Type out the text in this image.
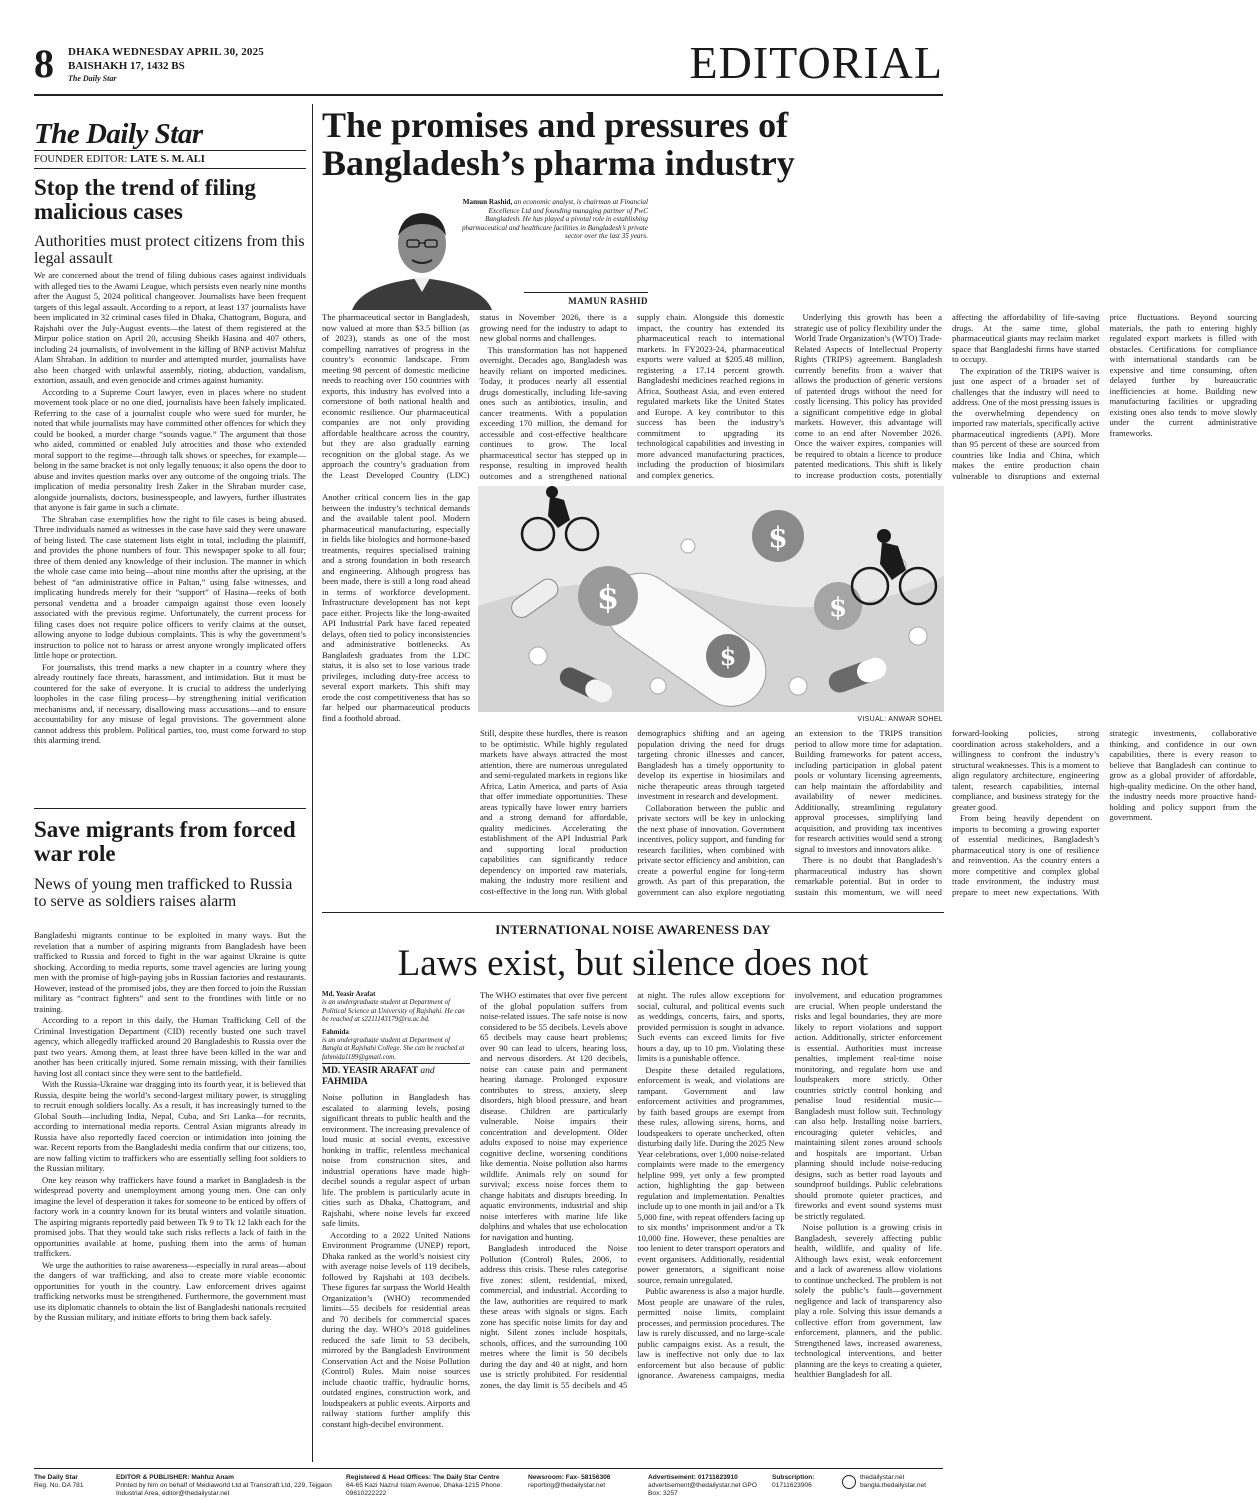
8 DHAKA WEDNESDAY APRIL 30, 2025
BAISHAKH 17, 1432 BS
The Daily Star	EDITORIAL
The Daily Star
FOUNDER EDITOR: LATE S. M. ALI
Stop the trend of filing malicious cases
Authorities must protect citizens from this legal assault

We are concerned about the trend of filing dubious cases against individuals with alleged ties to the Awami League, which persists even nearly nine months after the August 5, 2024 political changeover. Journalists have been frequent targets of this legal assault. According to a report, at least 137 journalists have been implicated in 32 criminal cases filed in Dhaka, Chattogram, Bogura, and Rajshahi over the July-August events—the latest of them registered at the Mirpur police station on April 20, accusing Sheikh Hasina and 407 others, including 24 journalists, of involvement in the killing of BNP activist Mahfuz Alam Shraban. In addition to murder and attempted murder, journalists have also been charged with unlawful assembly, rioting, abduction, vandalism, extortion, assault, and even genocide and crimes against humanity.

According to a Supreme Court lawyer, even in places where no student movement took place or no one died, journalists have been falsely implicated. Referring to the case of a journalist couple who were sued for murder, he noted that while journalists may have committed other offences for which they could be booked, a murder charge “sounds vague.” The argument that those who aided, committed or enabled July atrocities and those who extended moral support to the regime—through talk shows or speeches, for example—belong in the same bracket is not only legally tenuous; it also opens the door to abuse and invites question marks over any outcome of the ongoing trials. The implication of media personality Iresh Zaker in the Shraban murder case, alongside journalists, doctors, businesspeople, and lawyers, further illustrates that anyone is fair game in such a climate.

The Shraban case exemplifies how the right to file cases is being abused. Three individuals named as witnesses in the case have said they were unaware of being listed. The case statement lists eight in total, including the plaintiff, and provides the phone numbers of four. This newspaper spoke to all four; three of them denied any knowledge of their inclusion. The manner in which the whole case came into being—about nine months after the uprising, at the behest of “an administrative office in Paltan,” using false witnesses, and implicating hundreds merely for their “support” of Hasina—reeks of both personal vendetta and a broader campaign against those even loosely associated with the previous regime. Unfortunately, the current process for filing cases does not require police officers to verify claims at the outset, allowing anyone to lodge dubious complaints. This is why the government’s instruction to police not to harass or arrest anyone wrongly implicated offers little hope or protection.

For journalists, this trend marks a new chapter in a country where they already routinely face threats, harassment, and intimidation. But it must be countered for the sake of everyone. It is crucial to address the underlying loopholes in the case filing process—by strengthening initial verification mechanisms and, if necessary, disallowing mass accusations—and to ensure accountability for any misuse of legal provisions. The government alone cannot address this problem. Political parties, too, must come forward to stop this alarming trend.

Save migrants from forced war role
News of young men trafficked to Russia to serve as soldiers raises alarm

Bangladeshi migrants continue to be exploited in many ways. But the revelation that a number of aspiring migrants from Bangladesh have been trafficked to Russia and forced to fight in the war against Ukraine is quite shocking. According to media reports, some travel agencies are luring young men with the promise of high-paying jobs in Russian factories and restaurants. However, instead of the promised jobs, they are then forced to join the Russian military as “contract fighters” and sent to the frontlines with little or no training.

According to a report in this daily, the Human Trafficking Cell of the Criminal Investigation Department (CID) recently busted one such travel agency, which allegedly trafficked around 20 Bangladeshis to Russia over the past two years. Among them, at least three have been killed in the war and another has been critically injured. Some remain missing, with their families having lost all contact since they were sent to the battlefield.

With the Russia-Ukraine war dragging into its fourth year, it is believed that Russia, despite being the world’s second-largest military power, is struggling to recruit enough soldiers locally. As a result, it has increasingly turned to the Global South—including India, Nepal, Cuba, and Sri Lanka—for recruits, according to international media reports. Central Asian migrants already in Russia have also reportedly faced coercion or intimidation into joining the war. Recent reports from the Bangladeshi media confirm that our citizens, too, are now falling victim to traffickers who are essentially selling foot soldiers to the Russian military.

One key reason why traffickers have found a market in Bangladesh is the widespread poverty and unemployment among young men. One can only imagine the level of desperation it takes for someone to be enticed by offers of factory work in a country known for its brutal winters and volatile situation. The aspiring migrants reportedly paid between Tk 9 to Tk 12 lakh each for the promised jobs. That they would take such risks reflects a lack of faith in the opportunities available at home, pushing them into the arms of human traffickers.

We urge the authorities to raise awareness—especially in rural areas—about the dangers of war trafficking, and also to create more viable economic opportunities for youth in the country. Law enforcement drives against trafficking networks must be strengthened. Furthermore, the government must use its diplomatic channels to obtain the list of Bangladeshi nationals recruited by the Russian military, and initiate efforts to bring them back safely.

The promises and pressures of Bangladesh’s pharma industry
Mamun Rashid, an economic analyst, is chairman at Financial Excellence Ltd and founding managing partner of PwC Bangladesh. He has played a pivotal role in establishing pharmaceutical and healthcare facilities in Bangladesh’s private sector over the last 35 years.
MAMUN RASHID

The pharmaceutical sector in Bangladesh, now valued at more than $3.5 billion (as of 2023), stands as one of the most compelling narratives of progress in the country’s economic landscape. From meeting 98 percent of domestic medicine needs to reaching over 150 countries with exports, this industry has evolved into a cornerstone of both national health and economic resilience. Our pharmaceutical companies are not only providing affordable healthcare across the country, but they are also gradually earning recognition on the global stage. As we approach the country’s graduation from the Least Developed Country (LDC) status in November 2026, there is a growing need for the industry to adapt to new global norms and challenges.

This transformation has not happened overnight. Decades ago, Bangladesh was heavily reliant on imported medicines. Today, it produces nearly all essential drugs domestically, including life-saving ones such as antibiotics, insulin, and cancer treatments. With a population exceeding 170 million, the demand for accessible and cost-effective healthcare continues to grow. The local pharmaceutical sector has stepped up in response, resulting in improved health outcomes and a strengthened national supply chain. Alongside this domestic impact, the country has extended its pharmaceutical reach to international markets. In FY2023-24, pharmaceutical exports were valued at $205.48 million, registering a 17.14 percent growth. Bangladeshi medicines reached regions in Africa, Southeast Asia, and even entered regulated markets like the United States and Europe. A key contributor to this success has been the industry’s commitment to upgrading its technological capabilities and investing in more advanced manufacturing practices, including the production of biosimilars and complex generics.

Underlying this growth has been a strategic use of policy flexibility under the World Trade Organization’s (WTO) Trade-Related Aspects of Intellectual Property Rights (TRIPS) agreement. Bangladesh currently benefits from a waiver that allows the production of generic versions of patented drugs without the need for costly licensing. This policy has provided a significant competitive edge in global markets. However, this advantage will come to an end after November 2026. Once the waiver expires, companies will be required to obtain a licence to produce patented medications. This shift is likely to increase production costs, potentially affecting the affordability of life-saving drugs. At the same time, global pharmaceutical giants may reclaim market space that Bangladeshi firms have started to occupy.

The expiration of the TRIPS waiver is just one aspect of a broader set of challenges that the industry will need to address. One of the most pressing issues is the overwhelming dependency on imported raw materials, specifically active pharmaceutical ingredients (API). More than 95 percent of these are sourced from countries like India and China, which makes the entire production chain vulnerable to disruptions and external price fluctuations. Beyond sourcing materials, the path to entering highly regulated export markets is filled with obstacles. Certifications for compliance with international standards can be expensive and time consuming, often delayed further by bureaucratic inefficiencies at home. Building new manufacturing facilities or upgrading existing ones also tends to move slowly under the current administrative frameworks.

$
$
$
$
VISUAL: ANWAR SOHEL

Another critical concern lies in the gap between the industry’s technical demands and the available talent pool. Modern pharmaceutical manufacturing, especially in fields like biologics and hormone-based treatments, requires specialised training and a strong foundation in both research and engineering. Although progress has been made, there is still a long road ahead in terms of workforce development. Infrastructure development has not kept pace either. Projects like the long-awaited API Industrial Park have faced repeated delays, often tied to policy inconsistencies and administrative bottlenecks. As Bangladesh graduates from the LDC status, it is also set to lose various trade privileges, including duty-free access to several export markets. This shift may erode the cost competitiveness that has so far helped our pharmaceutical products find a foothold abroad.

Still, despite these hurdles, there is reason to be optimistic. While highly regulated markets have always attracted the most attention, there are numerous unregulated and semi-regulated markets in regions like Africa, Latin America, and parts of Asia that offer immediate opportunities. These areas typically have lower entry barriers and a strong demand for affordable, quality medicines. Accelerating the establishment of the API Industrial Park and supporting local production capabilities can significantly reduce dependency on imported raw materials, making the industry more resilient and cost-effective in the long run. With global demographics shifting and an ageing population driving the need for drugs targeting chronic illnesses and cancer, Bangladesh has a timely opportunity to develop its expertise in biosimilars and niche therapeutic areas through targeted investment in research and development.

Collaboration between the public and private sectors will be key in unlocking the next phase of innovation. Government incentives, policy support, and funding for research facilities, when combined with private sector efficiency and ambition, can create a powerful engine for long-term growth. As part of this preparation, the government can also explore negotiating an extension to the TRIPS transition period to allow more time for adaptation. Building frameworks for patent access, including participation in global patent pools or voluntary licensing agreements, can help maintain the affordability and availability of newer medicines. Additionally, streamlining regulatory approval processes, simplifying land acquisition, and providing tax incentives for research activities would send a strong signal to investors and innovators alike.

There is no doubt that Bangladesh’s pharmaceutical industry has shown remarkable potential. But in order to sustain this momentum, we will need forward-looking policies, strong coordination across stakeholders, and a willingness to confront the industry’s structural weaknesses. This is a moment to align regulatory architecture, engineering talent, research capabilities, internal compliance, and business strategy for the greater good.

From being heavily dependent on imports to becoming a growing exporter of essential medicines, Bangladesh’s pharmaceutical story is one of resilience and reinvention. As the country enters a more competitive and complex global trade environment, the industry must prepare to meet new expectations. With strategic investments, collaborative thinking, and confidence in our own capabilities, there is every reason to believe that Bangladesh can continue to grow as a global provider of affordable, high-quality medicine. On the other hand, the industry needs more proactive hand-holding and policy support from the government.

INTERNATIONAL NOISE AWARENESS DAY
Laws exist, but silence does not
Md. Yeasir Arafat
is an undergraduate student at Department of Political Science at University of Rajshahi. He can be reached at s2211143179@ru.ac.bd.
Fahmida
is an undergraduate student at Department of Bangla at Rajshahi College. She can be reached at fahmida1189@gmail.com.
MD. YEASIR ARAFAT and
FAHMIDA

Noise pollution in Bangladesh has escalated to alarming levels, posing significant threats to public health and the environment. The increasing prevalence of loud music at social events, excessive honking in traffic, relentless mechanical noise from construction sites, and industrial operations have made high-decibel sounds a regular aspect of urban life. The problem is particularly acute in cities such as Dhaka, Chattogram, and Rajshahi, where noise levels far exceed safe limits.

According to a 2022 United Nations Environment Programme (UNEP) report, Dhaka ranked as the world’s noisiest city with average noise levels of 119 decibels, followed by Rajshahi at 103 decibels. These figures far surpass the World Health Organization’s (WHO) recommended limits—55 decibels for residential areas and 70 decibels for commercial spaces during the day. WHO’s 2018 guidelines reduced the safe limit to 53 decibels, mirrored by the Bangladesh Environment Conservation Act and the Noise Pollution (Control) Rules. Main noise sources include chaotic traffic, hydraulic horns, outdated engines, construction work, and loudspeakers at public events. Airports and railway stations further amplify this constant high-decibel environment.

The WHO estimates that over five percent of the global population suffers from noise-related issues. The safe noise is now considered to be 55 decibels. Levels above 65 decibels may cause heart problems; over 90 can lead to ulcers, hearing loss, and nervous disorders. At 120 decibels, noise can cause pain and permanent hearing damage. Prolonged exposure contributes to stress, anxiety, sleep disorders, high blood pressure, and heart disease. Children are particularly vulnerable. Noise impairs their concentration and development. Older adults exposed to noise may experience cognitive decline, worsening conditions like dementia. Noise pollution also harms wildlife. Animals rely on sound for survival; excess noise forces them to change habitats and disrupts breeding. In aquatic environments, industrial and ship noise interferes with marine life like dolphins and whales that use echolocation for navigation and hunting.

Bangladesh introduced the Noise Pollution (Control) Rules, 2006, to address this crisis. These rules categorise five zones: silent, residential, mixed, commercial, and industrial. According to the law, authorities are required to mark these areas with signals or signs. Each zone has specific noise limits for day and night. Silent zones include hospitals, schools, offices, and the surrounding 100 metres where the limit is 50 decibels during the day and 40 at night, and horn use is strictly prohibited. For residential zones, the day limit is 55 decibels and 45 at night. The rules allow exceptions for social, cultural, and political events such as weddings, concerts, fairs, and sports, provided permission is sought in advance. Such events can exceed limits for five hours a day, up to 10 pm. Violating these limits is a punishable offence.

Despite these detailed regulations, enforcement is weak, and violations are rampant. Government and law enforcement activities and programmes, by faith based groups are exempt from these rules, allowing sirens, horns, and loudspeakers to operate unchecked, often disturbing daily life. During the 2025 New Year celebrations, over 1,000 noise-related complaints were made to the emergency helpline 999, yet only a few prompted action, highlighting the gap between regulation and implementation. Penalties include up to one month in jail and/or a Tk 5,000 fine, with repeat offenders facing up to six months’ imprisonment and/or a Tk 10,000 fine. However, these penalties are too lenient to deter transport operators and event organisers. Additionally, residential power generators, a significant noise source, remain unregulated.

Public awareness is also a major hurdle. Most people are unaware of the rules, permitted noise limits, complaint processes, and permission procedures. The law is rarely discussed, and no large-scale public campaigns exist. As a result, the law is ineffective not only due to lax enforcement but also because of public ignorance. Awareness campaigns, media involvement, and education programmes are crucial. When people understand the risks and legal boundaries, they are more likely to report violations and support action. Additionally, stricter enforcement is essential. Authorities must increase penalties, implement real-time noise monitoring, and regulate horn use and loudspeakers more strictly. Other countries strictly control honking and penalise loud residential music—Bangladesh must follow suit. Technology can also help. Installing noise barriers, encouraging quieter vehicles, and maintaining silent zones around schools and hospitals are important. Urban planning should include noise-reducing designs, such as better road layouts and soundproof buildings. Public celebrations should promote quieter practices, and fireworks and event sound systems must be strictly regulated.

Noise pollution is a growing crisis in Bangladesh, severely affecting public health, wildlife, and quality of life. Although laws exist, weak enforcement and a lack of awareness allow violations to continue unchecked. The problem is not solely the public’s fault—government negligence and lack of transparency also play a role. Solving this issue demands a collective effort from government, law enforcement, planners, and the public. Strengthened laws, increased awareness, technological interventions, and better planning are the keys to creating a quieter, healthier Bangladesh for all.

The Daily Star
Reg. No. DA 781
EDITOR & PUBLISHER: Mahfuz Anam
Printed by him on behalf of Mediaworld Ltd at Transcraft Ltd, 229, Tejgaon Industrial Area, editor@thedailystar.net
Registered & Head Offices: The Daily Star Centre
64-65 Kazi Nazrul Islam Avenue, Dhaka-1215 Phone: 09610222222
Newsroom: Fax- 58156306
reporting@thedailystar.net
Advertisement: 01711623910
advertisement@thedailystar.net GPO Box: 3257
Subscription:
01711623906
thedailystar.net
bangla.thedailystar.net
